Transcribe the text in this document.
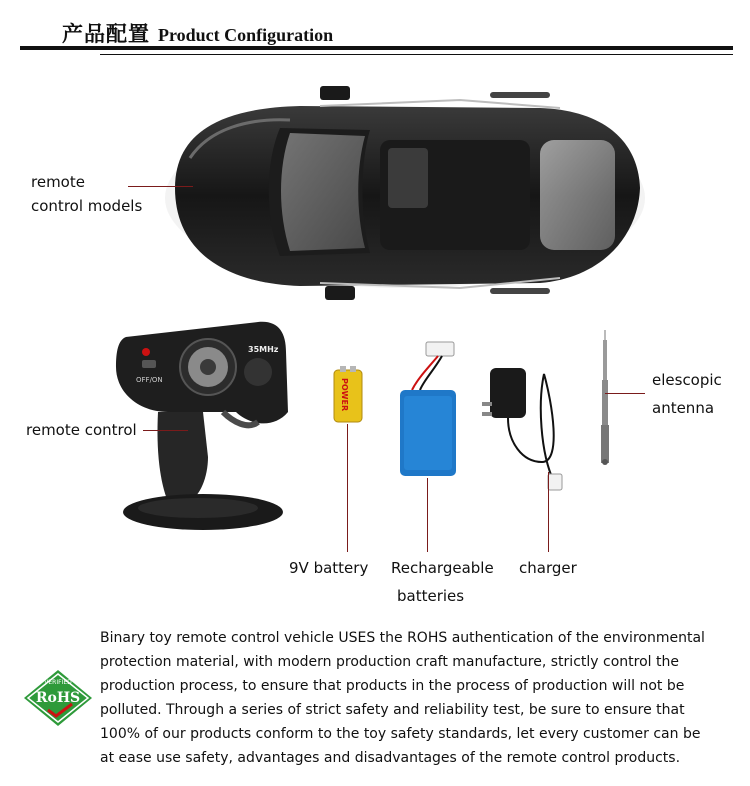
产品配置 Product Configuration
remote
control models
OFF/ON
35MHz
remote control
POWER
9V battery Rechargeable
batteries
charger
elescopic
antenna
VERIFIED
RoHS

Binary toy remote control vehicle USES the ROHS authentication of the environmental
protection material, with modern production craft manufacture, strictly control the
production process, to ensure that products in the process of production will not be
polluted. Through a series of strict safety and reliability test, be sure to ensure that
100% of our products conform to the toy safety standards, let every customer can be
at ease use safety, advantages and disadvantages of the remote control products.
